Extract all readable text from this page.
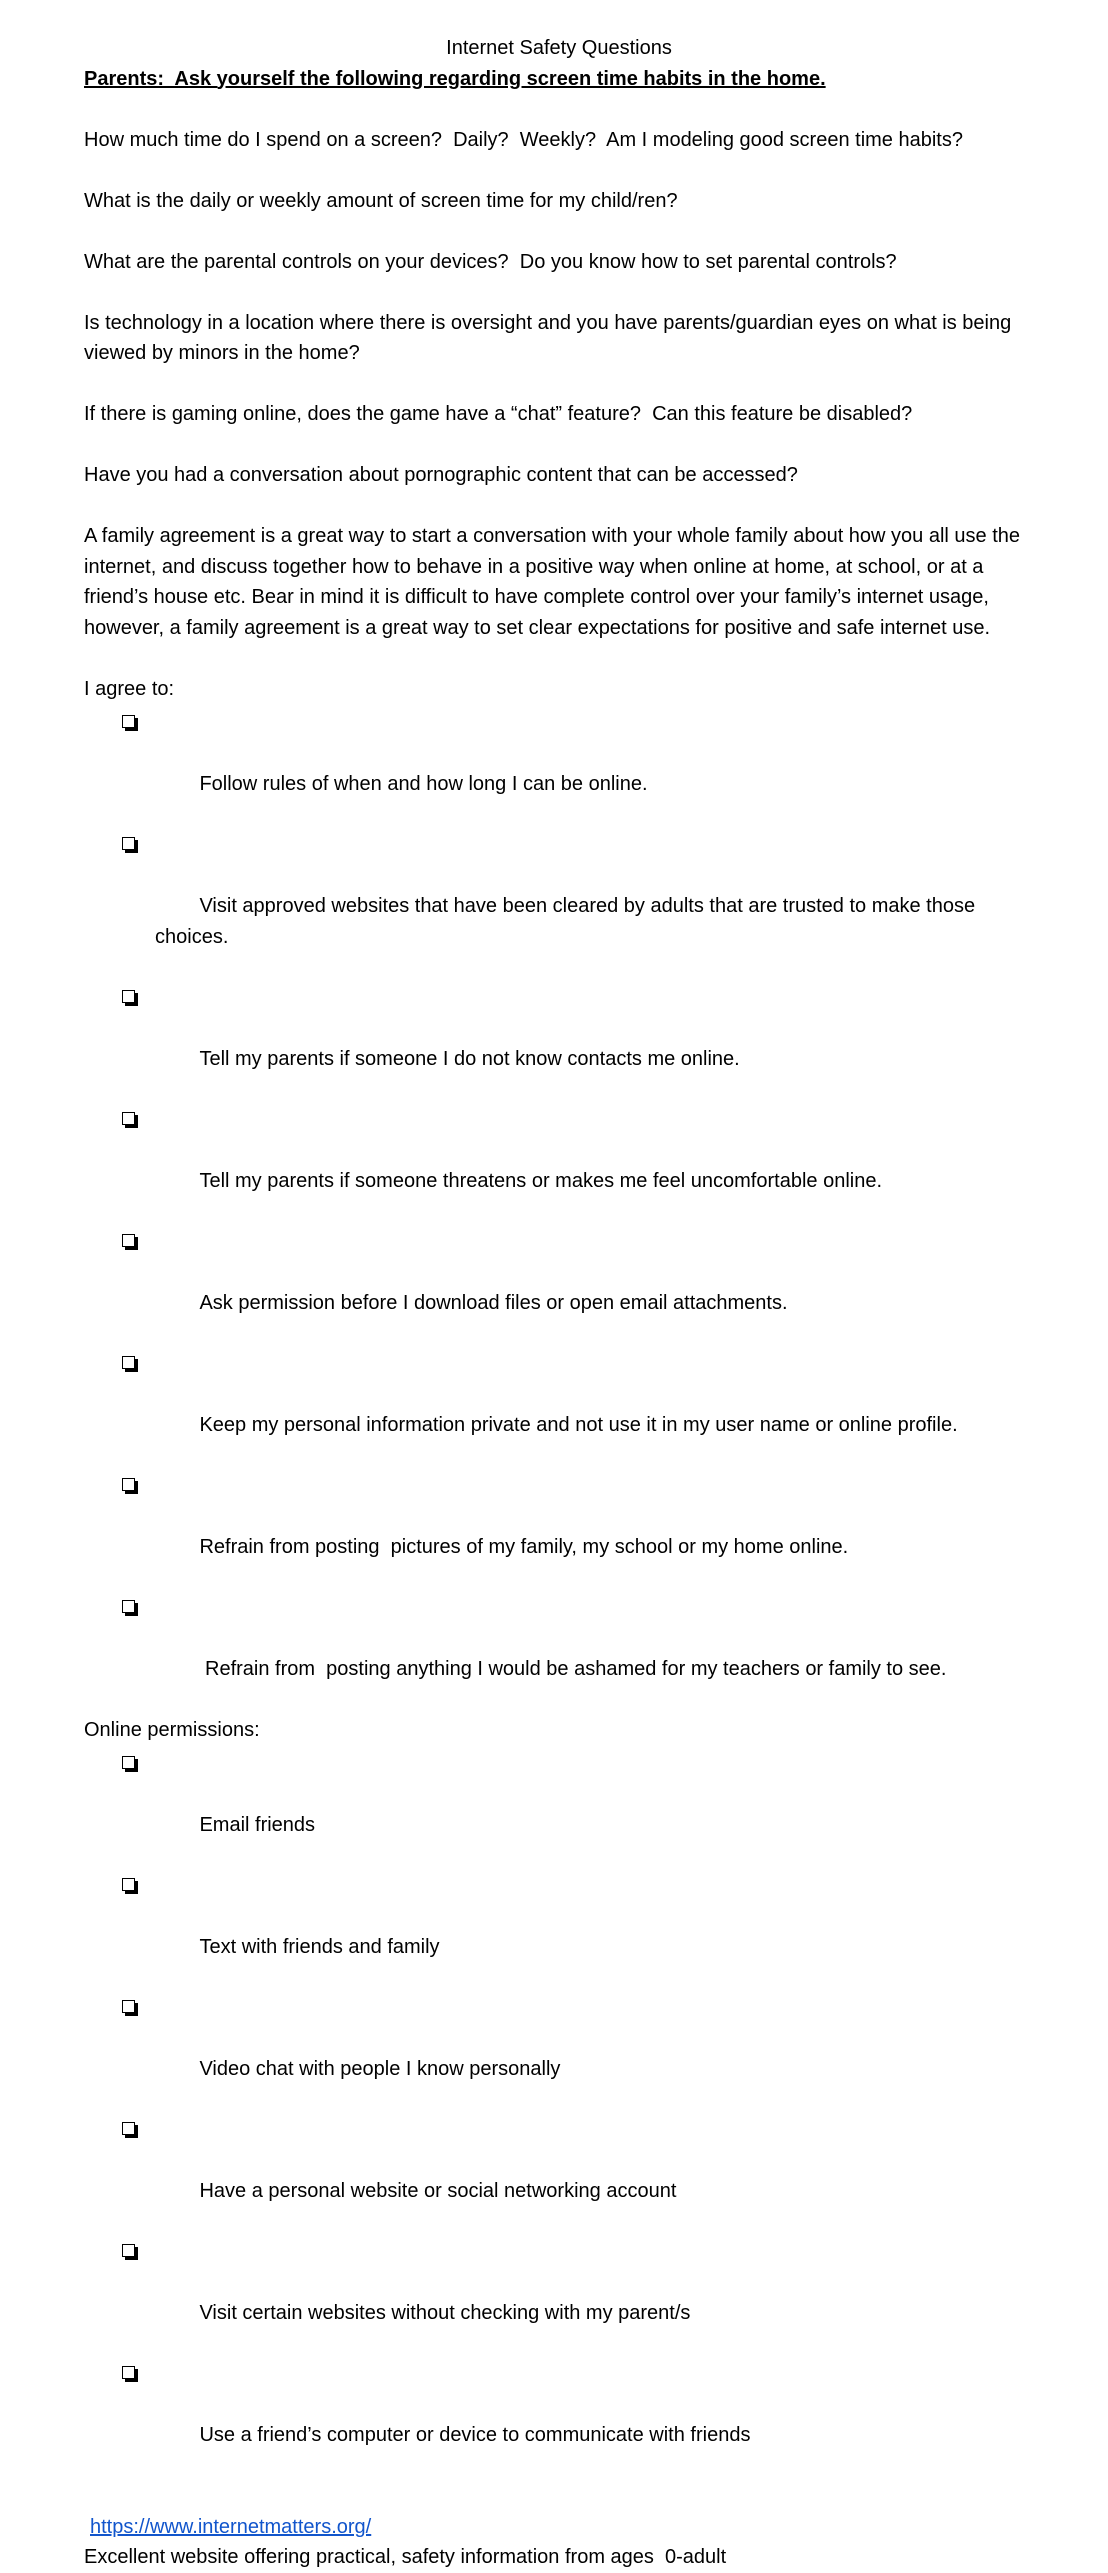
Internet Safety Questions

Parents:  Ask yourself the following regarding screen time habits in the home.

How much time do I spend on a screen?  Daily?  Weekly?  Am I modeling good screen time habits?

What is the daily or weekly amount of screen time for my child/ren?

What are the parental controls on your devices?  Do you know how to set parental controls?

Is technology in a location where there is oversight and you have parents/guardian eyes on what is being viewed by minors in the home?

If there is gaming online, does the game have a “chat” feature?  Can this feature be disabled?

Have you had a conversation about pornographic content that can be accessed?

A family agreement is a great way to start a conversation with your whole family about how you all use the internet, and discuss together how to behave in a positive way when online at home, at school, or at a friend’s house etc. Bear in mind it is difficult to have complete control over your family’s internet usage, however, a family agreement is a great way to set clear expectations for positive and safe internet use.

I agree to:

Follow rules of when and how long I can be online.

Visit approved websites that have been cleared by adults that are trusted to make those choices.

Tell my parents if someone I do not know contacts me online.

Tell my parents if someone threatens or makes me feel uncomfortable online.

Ask permission before I download files or open email attachments.

Keep my personal information private and not use it in my user name or online profile.

Refrain from posting  pictures of my family, my school or my home online.

Refrain from  posting anything I would be ashamed for my teachers or family to see.

Online permissions:

Email friends

Text with friends and family

Video chat with people I know personally

Have a personal website or social networking account

Visit certain websites without checking with my parent/s

Use a friend’s computer or device to communicate with friends

https://www.internetmatters.org/

Excellent website offering practical, safety information from ages  0-adult
